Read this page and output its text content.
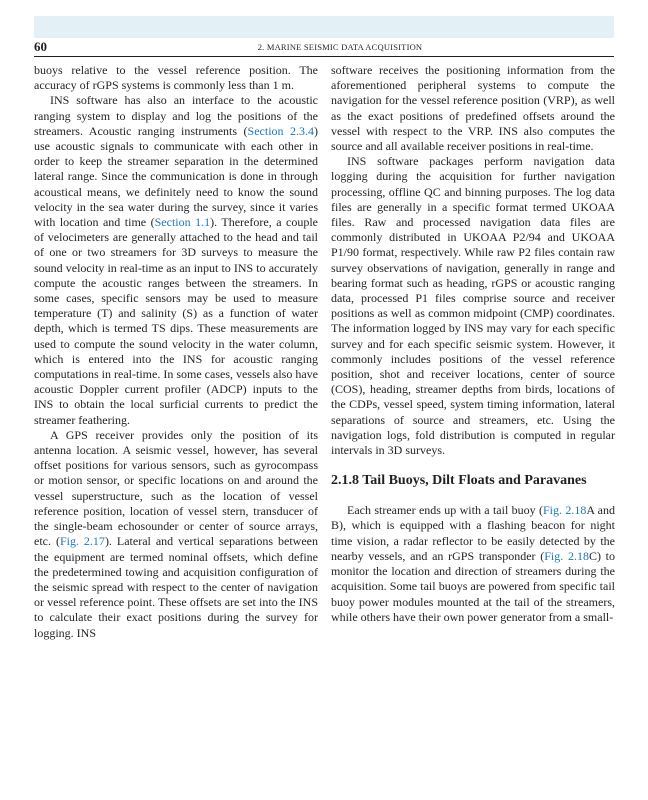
60	2. MARINE SEISMIC DATA ACQUISITION

buoys relative to the vessel reference position. The accuracy of rGPS systems is commonly less than 1 m.

INS software has also an interface to the acoustic ranging system to display and log the positions of the streamers. Acoustic ranging instruments (Section 2.3.4) use acoustic signals to communicate with each other in order to keep the streamer separation in the determined lateral range. Since the communication is done in through acoustical means, we definitely need to know the sound velocity in the sea water during the survey, since it varies with location and time (Section 1.1). Therefore, a couple of velocimeters are generally attached to the head and tail of one or two streamers for 3D surveys to measure the sound velocity in real-time as an input to INS to accurately compute the acoustic ranges between the streamers. In some cases, specific sensors may be used to measure temperature (T) and salinity (S) as a function of water depth, which is termed TS dips. These measurements are used to compute the sound velocity in the water column, which is entered into the INS for acoustic ranging computations in real-time. In some cases, vessels also have acoustic Doppler current profiler (ADCP) inputs to the INS to obtain the local surficial currents to predict the streamer feathering.

A GPS receiver provides only the position of its antenna location. A seismic vessel, however, has several offset positions for various sensors, such as gyrocompass or motion sensor, or specific locations on and around the vessel superstructure, such as the location of vessel reference position, location of vessel stern, transducer of the single-beam echosounder or center of source arrays, etc. (Fig. 2.17). Lateral and vertical separations between the equipment are termed nominal offsets, which define the predetermined towing and acquisition configuration of the seismic spread with respect to the center of navigation or vessel reference point. These offsets are set into the INS to calculate their exact positions during the survey for logging. INS

software receives the positioning information from the aforementioned peripheral systems to compute the navigation for the vessel reference position (VRP), as well as the exact positions of predefined offsets around the vessel with respect to the VRP. INS also computes the source and all available receiver positions in real-time.

INS software packages perform navigation data logging during the acquisition for further navigation processing, offline QC and binning purposes. The log data files are generally in a specific format termed UKOAA files. Raw and processed navigation data files are commonly distributed in UKOAA P2/94 and UKOAA P1/90 format, respectively. While raw P2 files contain raw survey observations of navigation, generally in range and bearing format such as heading, rGPS or acoustic ranging data, processed P1 files comprise source and receiver positions as well as common midpoint (CMP) coordinates. The information logged by INS may vary for each specific survey and for each specific seismic system. However, it commonly includes positions of the vessel reference position, shot and receiver locations, center of source (COS), heading, streamer depths from birds, locations of the CDPs, vessel speed, system timing information, lateral separations of source and streamers, etc. Using the navigation logs, fold distribution is computed in regular intervals in 3D surveys.

2.1.8 Tail Buoys, Dilt Floats and Paravanes

Each streamer ends up with a tail buoy (Fig. 2.18A and B), which is equipped with a flashing beacon for night time vision, a radar reflector to be easily detected by the nearby vessels, and an rGPS transponder (Fig. 2.18C) to monitor the location and direction of streamers during the acquisition. Some tail buoys are powered from specific tail buoy power modules mounted at the tail of the streamers, while others have their own power generator from a small-
